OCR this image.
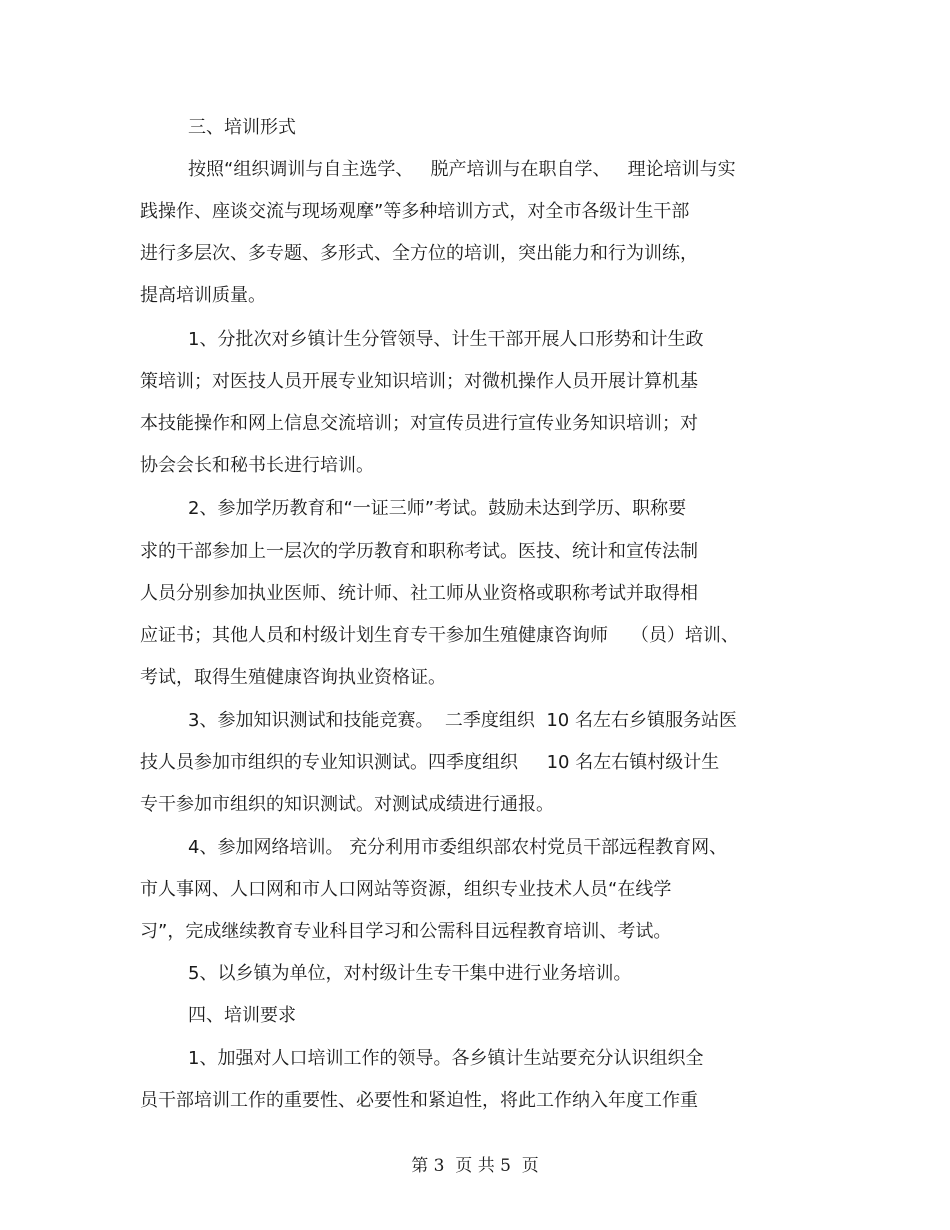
三、培训形式

按照“组织调训与自主选学、   脱产培训与在职自学、   理论培训与实

践操作、座谈交流与现场观摩”等多种培训方式，对全市各级计生干部

进行多层次、多专题、多形式、全方位的培训，突出能力和行为训练，

提高培训质量。

1、分批次对乡镇计生分管领导、计生干部开展人口形势和计生政

策培训；对医技人员开展专业知识培训；对微机操作人员开展计算机基

本技能操作和网上信息交流培训；对宣传员进行宣传业务知识培训；对

协会会长和秘书长进行培训。

2、参加学历教育和“一证三师”考试。鼓励未达到学历、职称要

求的干部参加上一层次的学历教育和职称考试。医技、统计和宣传法制

人员分别参加执业医师、统计师、社工师从业资格或职称考试并取得相

应证书；其他人员和村级计划生育专干参加生殖健康咨询师    （员）培训、

考试，取得生殖健康咨询执业资格证。

3、参加知识测试和技能竞赛。  二季度组织  10 名左右乡镇服务站医

技人员参加市组织的专业知识测试。四季度组织     10 名左右镇村级计生

专干参加市组织的知识测试。对测试成绩进行通报。

4、参加网络培训。 充分利用市委组织部农村党员干部远程教育网、

市人事网、人口网和市人口网站等资源，组织专业技术人员“在线学

习”，完成继续教育专业科目学习和公需科目远程教育培训、考试。

5、以乡镇为单位，对村级计生专干集中进行业务培训。

四、培训要求

1、加强对人口培训工作的领导。各乡镇计生站要充分认识组织全

员干部培训工作的重要性、必要性和紧迫性，将此工作纳入年度工作重

第 3  页 共 5  页
